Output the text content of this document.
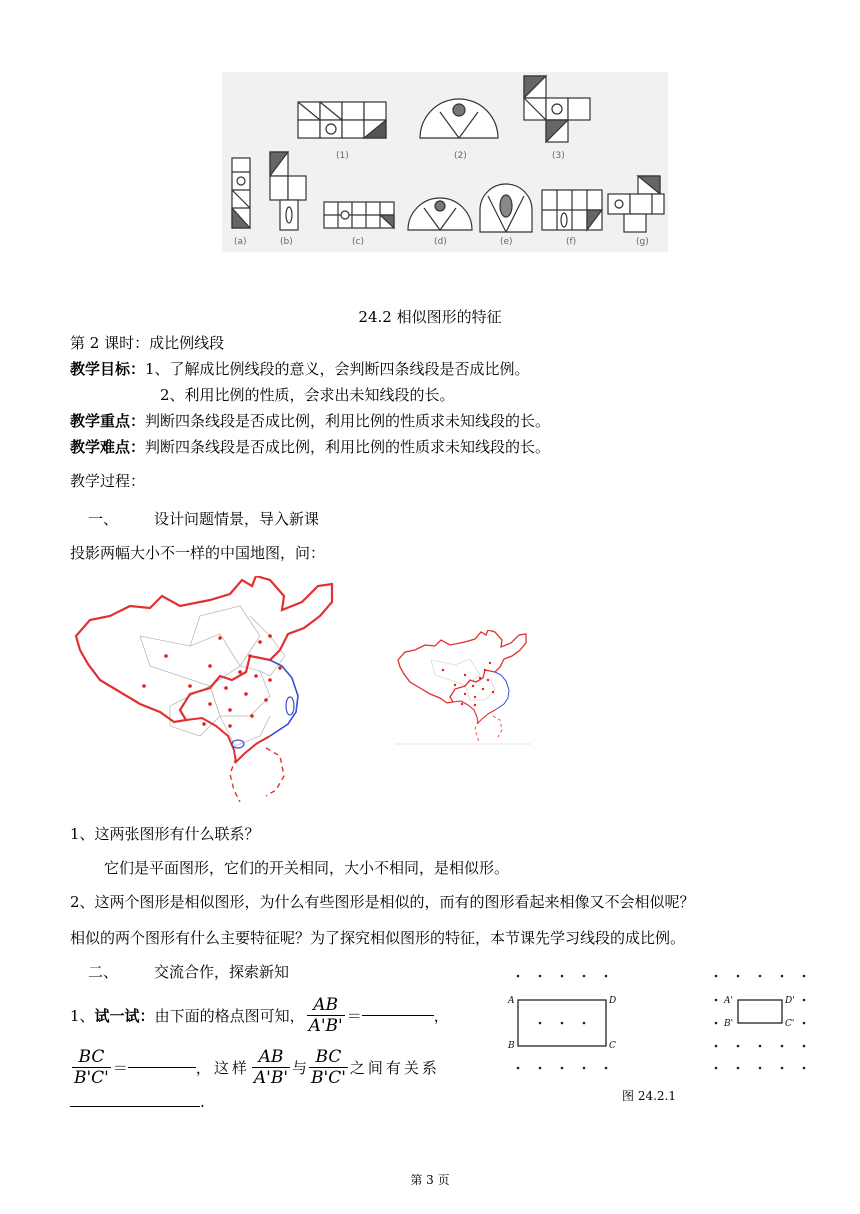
(1)	(2)	(3)
(a)	(b)	(c)	(d)	(e)	(f)	(g)
24.2 相似图形的特征
第 2 课时：成比例线段
教学目标：1、了解成比例线段的意义，会判断四条线段是否成比例。
2、利用比例的性质，会求出未知线段的长。
教学重点：判断四条线段是否成比例，利用比例的性质求未知线段的长。
教学难点：判断四条线段是否成比例，利用比例的性质求未知线段的长。
教学过程：
一、 设计问题情景，导入新课
投影两幅大小不一样的中国地图，问：
1、这两张图形有什么联系？
它们是平面图形，它们的开关相同，大小不相同，是相似形。
2、这两个图形是相似图形，为什么有些图形是相似的，而有的图形看起来相像又不会相似呢？
相似的两个图形有什么主要特征呢？为了探究相似图形的特征，本节课先学习线段的成比例。
二、 交流合作，探索新知
1、 试一试： 由下面的格点图可知， $\frac{AB}{A'B'}$ ＝	，
$\frac{BC}{B'C'}$ ＝	，这样 $\frac{AB}{A'B'}$ 与 $\frac{BC}{B'C'}$ 之间有关系
.
A	D
B	C
A'	D'
B'	C'
图 24.2.1
第 3 页
